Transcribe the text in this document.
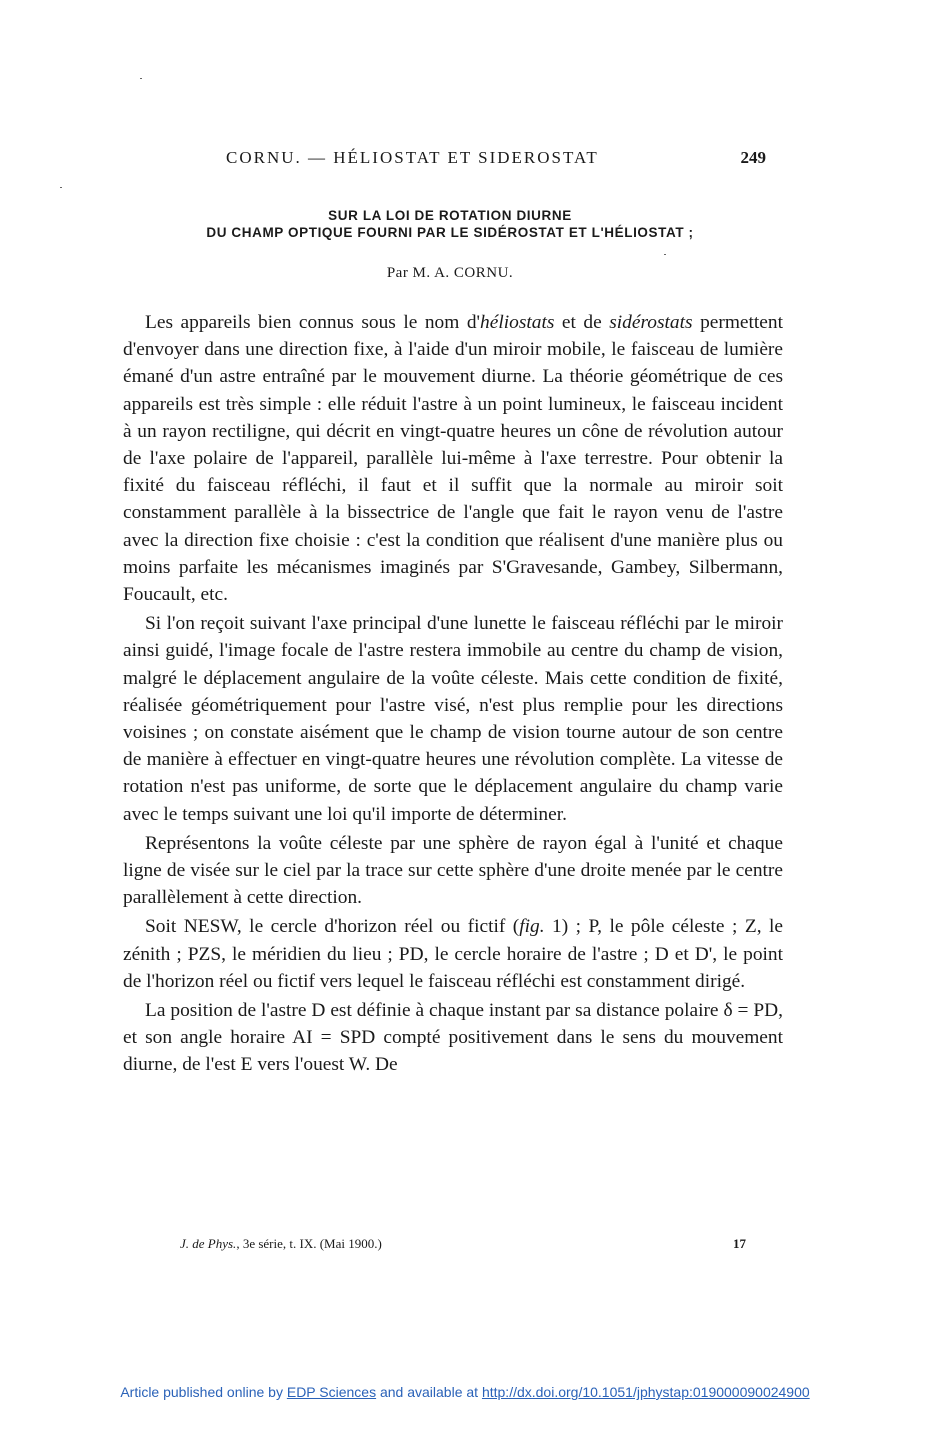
CORNU. — HÉLIOSTAT ET SIDEROSTAT	249
SUR LA LOI DE ROTATION DIURNE
DU CHAMP OPTIQUE FOURNI PAR LE SIDÉROSTAT ET L'HÉLIOSTAT ;
Par M. A. CORNU.

Les appareils bien connus sous le nom d'héliostats et de sidérostats permettent d'envoyer dans une direction fixe, à l'aide d'un miroir mobile, le faisceau de lumière émané d'un astre entraîné par le mouvement diurne. La théorie géométrique de ces appareils est très simple : elle réduit l'astre à un point lumineux, le faisceau incident à un rayon rectiligne, qui décrit en vingt-quatre heures un cône de révolution autour de l'axe polaire de l'appareil, parallèle lui-même à l'axe terrestre. Pour obtenir la fixité du faisceau réfléchi, il faut et il suffit que la normale au miroir soit constamment parallèle à la bissectrice de l'angle que fait le rayon venu de l'astre avec la direction fixe choisie : c'est la condition que réalisent d'une manière plus ou moins parfaite les mécanismes imaginés par S'Gravesande, Gambey, Silbermann, Foucault, etc.

Si l'on reçoit suivant l'axe principal d'une lunette le faisceau réfléchi par le miroir ainsi guidé, l'image focale de l'astre restera immobile au centre du champ de vision, malgré le déplacement angulaire de la voûte céleste. Mais cette condition de fixité, réalisée géométriquement pour l'astre visé, n'est plus remplie pour les directions voisines ; on constate aisément que le champ de vision tourne autour de son centre de manière à effectuer en vingt-quatre heures une révolution complète. La vitesse de rotation n'est pas uniforme, de sorte que le déplacement angulaire du champ varie avec le temps suivant une loi qu'il importe de déterminer.

Représentons la voûte céleste par une sphère de rayon égal à l'unité et chaque ligne de visée sur le ciel par la trace sur cette sphère d'une droite menée par le centre parallèlement à cette direction.

Soit NESW, le cercle d'horizon réel ou fictif (fig. 1) ; P, le pôle céleste ; Z, le zénith ; PZS, le méridien du lieu ; PD, le cercle horaire de l'astre ; D et D', le point de l'horizon réel ou fictif vers lequel le faisceau réfléchi est constamment dirigé.

La position de l'astre D est définie à chaque instant par sa distance polaire δ = PD, et son angle horaire AI = SPD compté positivement dans le sens du mouvement diurne, de l'est E vers l'ouest W. De

J. de Phys., 3e série, t. IX. (Mai 1900.)	17
Article published online by EDP Sciences and available at http://dx.doi.org/10.1051/jphystap:019000090024900
